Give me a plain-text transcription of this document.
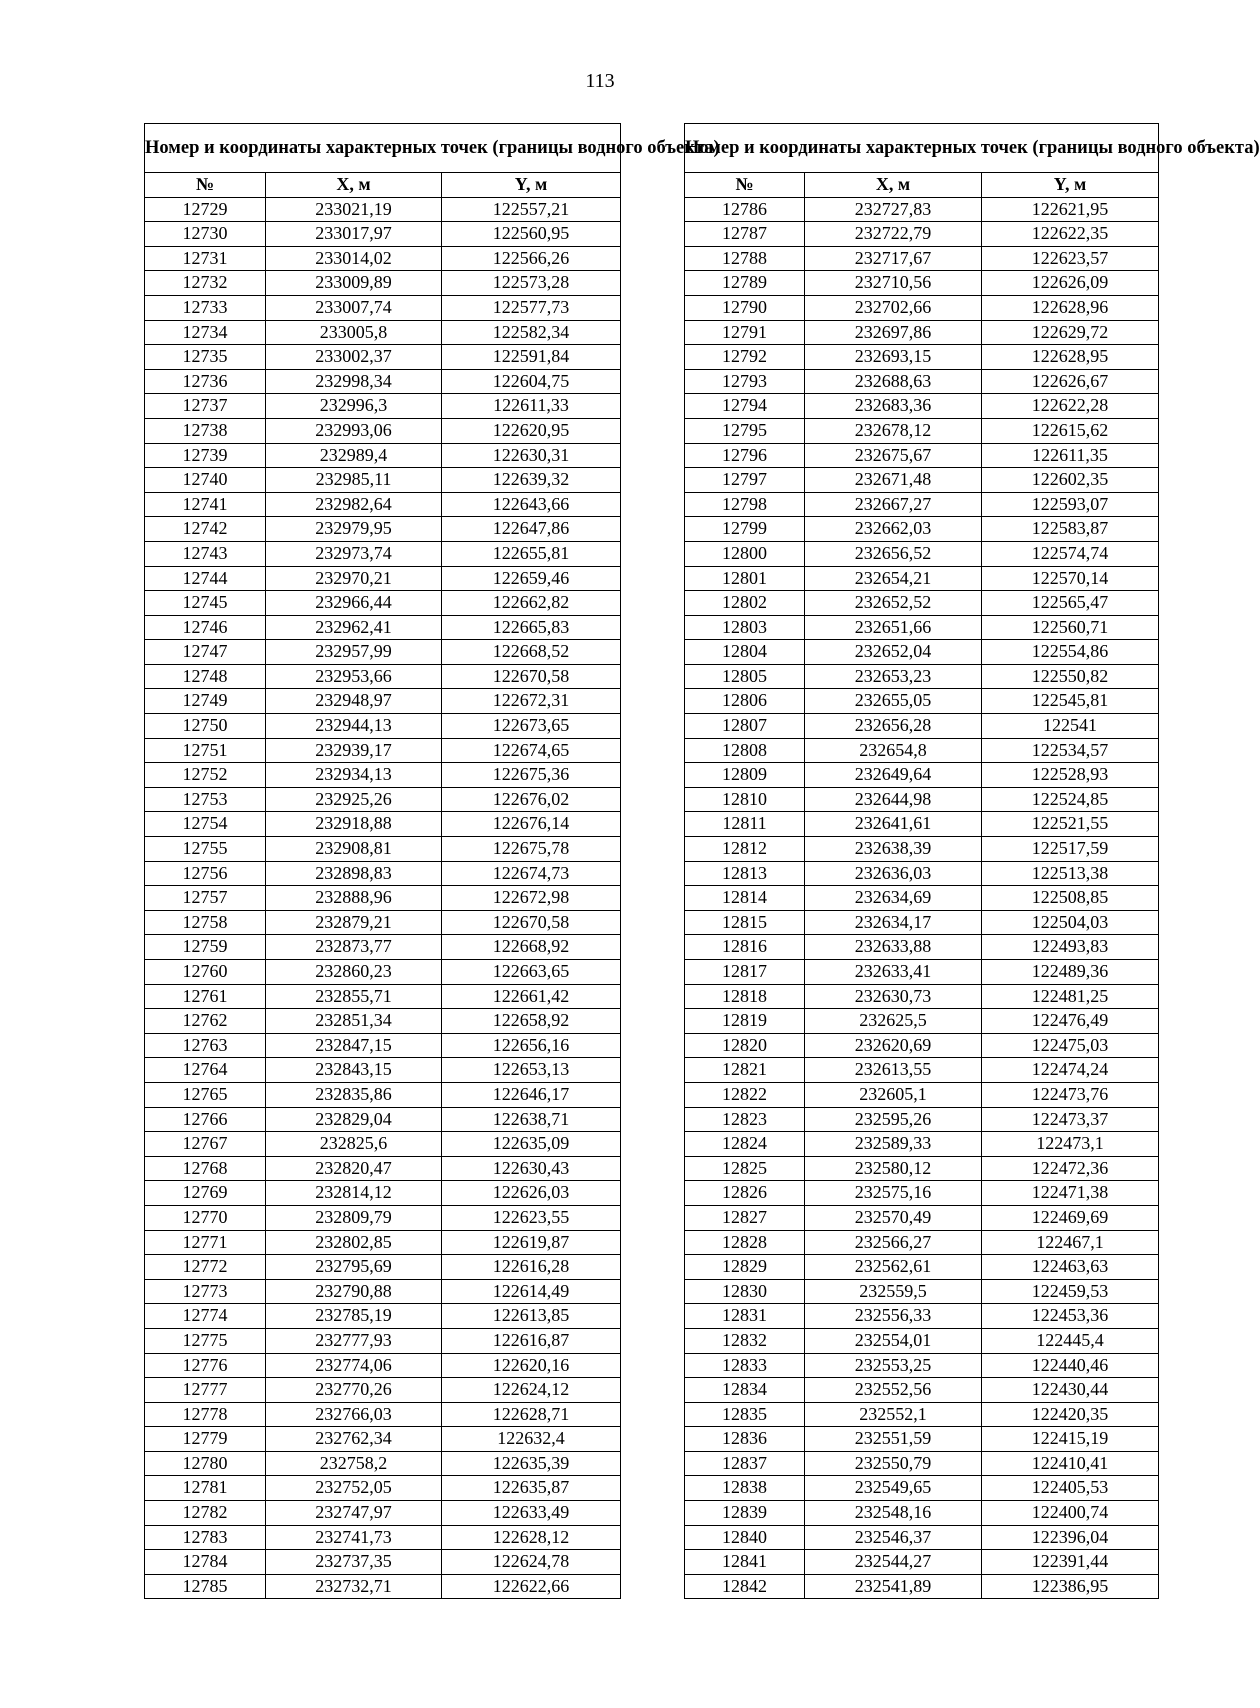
113
Номер и координаты характерных точек (границы водного объекта)		
№	X, м	Y, м
12729	233021,19	122557,21
12730	233017,97	122560,95
12731	233014,02	122566,26
12732	233009,89	122573,28
12733	233007,74	122577,73
12734	233005,8	122582,34
12735	233002,37	122591,84
12736	232998,34	122604,75
12737	232996,3	122611,33
12738	232993,06	122620,95
12739	232989,4	122630,31
12740	232985,11	122639,32
12741	232982,64	122643,66
12742	232979,95	122647,86
12743	232973,74	122655,81
12744	232970,21	122659,46
12745	232966,44	122662,82
12746	232962,41	122665,83
12747	232957,99	122668,52
12748	232953,66	122670,58
12749	232948,97	122672,31
12750	232944,13	122673,65
12751	232939,17	122674,65
12752	232934,13	122675,36
12753	232925,26	122676,02
12754	232918,88	122676,14
12755	232908,81	122675,78
12756	232898,83	122674,73
12757	232888,96	122672,98
12758	232879,21	122670,58
12759	232873,77	122668,92
12760	232860,23	122663,65
12761	232855,71	122661,42
12762	232851,34	122658,92
12763	232847,15	122656,16
12764	232843,15	122653,13
12765	232835,86	122646,17
12766	232829,04	122638,71
12767	232825,6	122635,09
12768	232820,47	122630,43
12769	232814,12	122626,03
12770	232809,79	122623,55
12771	232802,85	122619,87
12772	232795,69	122616,28
12773	232790,88	122614,49
12774	232785,19	122613,85
12775	232777,93	122616,87
12776	232774,06	122620,16
12777	232770,26	122624,12
12778	232766,03	122628,71
12779	232762,34	122632,4
12780	232758,2	122635,39
12781	232752,05	122635,87
12782	232747,97	122633,49
12783	232741,73	122628,12
12784	232737,35	122624,78
12785	232732,71	122622,66
Номер и координаты характерных точек (границы водного объекта)		
№	X, м	Y, м
12786	232727,83	122621,95
12787	232722,79	122622,35
12788	232717,67	122623,57
12789	232710,56	122626,09
12790	232702,66	122628,96
12791	232697,86	122629,72
12792	232693,15	122628,95
12793	232688,63	122626,67
12794	232683,36	122622,28
12795	232678,12	122615,62
12796	232675,67	122611,35
12797	232671,48	122602,35
12798	232667,27	122593,07
12799	232662,03	122583,87
12800	232656,52	122574,74
12801	232654,21	122570,14
12802	232652,52	122565,47
12803	232651,66	122560,71
12804	232652,04	122554,86
12805	232653,23	122550,82
12806	232655,05	122545,81
12807	232656,28	122541
12808	232654,8	122534,57
12809	232649,64	122528,93
12810	232644,98	122524,85
12811	232641,61	122521,55
12812	232638,39	122517,59
12813	232636,03	122513,38
12814	232634,69	122508,85
12815	232634,17	122504,03
12816	232633,88	122493,83
12817	232633,41	122489,36
12818	232630,73	122481,25
12819	232625,5	122476,49
12820	232620,69	122475,03
12821	232613,55	122474,24
12822	232605,1	122473,76
12823	232595,26	122473,37
12824	232589,33	122473,1
12825	232580,12	122472,36
12826	232575,16	122471,38
12827	232570,49	122469,69
12828	232566,27	122467,1
12829	232562,61	122463,63
12830	232559,5	122459,53
12831	232556,33	122453,36
12832	232554,01	122445,4
12833	232553,25	122440,46
12834	232552,56	122430,44
12835	232552,1	122420,35
12836	232551,59	122415,19
12837	232550,79	122410,41
12838	232549,65	122405,53
12839	232548,16	122400,74
12840	232546,37	122396,04
12841	232544,27	122391,44
12842	232541,89	122386,95
